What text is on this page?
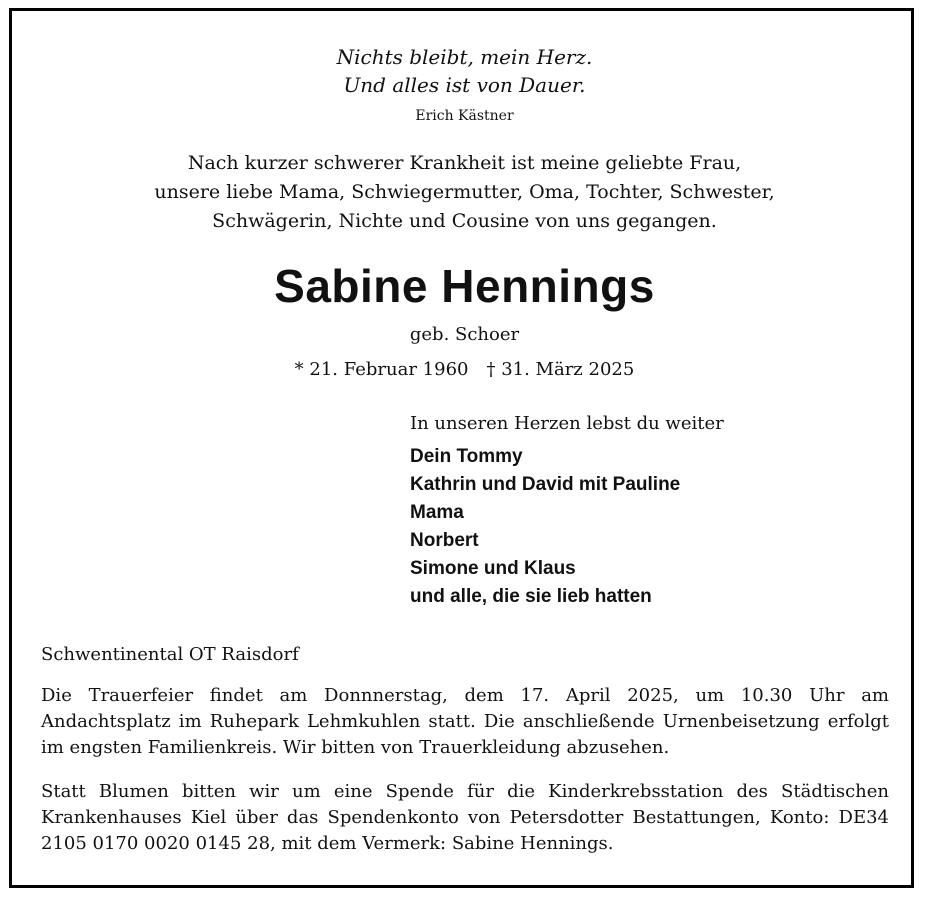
Nichts bleibt, mein Herz.
Und alles ist von Dauer.
Erich Kästner
Nach kurzer schwerer Krankheit ist meine geliebte Frau,
unsere liebe Mama, Schwiegermutter, Oma, Tochter, Schwester,
Schwägerin, Nichte und Cousine von uns gegangen.
Sabine Hennings
geb. Schoer
* 21. Februar 1960 † 31. März 2025
In unseren Herzen lebst du weiter
Dein Tommy
Kathrin und David mit Pauline
Mama
Norbert
Simone und Klaus
und alle, die sie lieb hatten
Schwentinental OT Raisdorf
Die Trauerfeier findet am Donnnerstag, dem 17. April 2025, um 10.30 Uhr am Andachtsplatz im Ruhepark Lehmkuhlen statt. Die anschließende Urnenbeisetzung erfolgt im engsten Familienkreis. Wir bitten von Trauerkleidung abzusehen.
Statt Blumen bitten wir um eine Spende für die Kinderkrebsstation des Städtischen Krankenhauses Kiel über das Spendenkonto von Petersdotter Bestattungen, Konto: DE34 2105 0170 0020 0145 28, mit dem Vermerk: Sabine Hennings.
